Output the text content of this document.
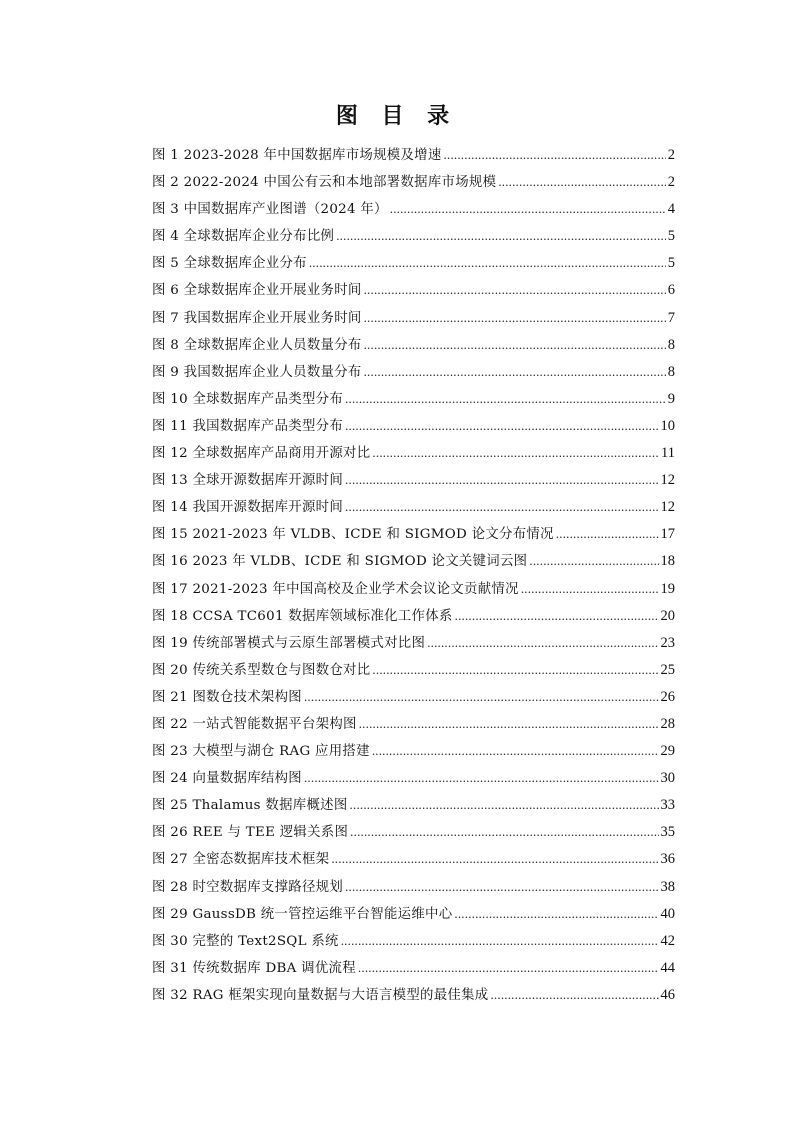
图 目 录
图 1 2023-2028 年中国数据库市场规模及增速 .....	2
图 2 2022-2024 中国公有云和本地部署数据库市场规模 .....	2
图 3 中国数据库产业图谱（2024 年） .....	4
图 4 全球数据库企业分布比例 .....	5
图 5 全球数据库企业分布 .....	5
图 6 全球数据库企业开展业务时间 .....	6
图 7 我国数据库企业开展业务时间 .....	7
图 8 全球数据库企业人员数量分布 .....	8
图 9 我国数据库企业人员数量分布 .....	8
图 10 全球数据库产品类型分布 .....	9
图 11 我国数据库产品类型分布 .....	10
图 12 全球数据库产品商用开源对比 .....	11
图 13 全球开源数据库开源时间 .....	12
图 14 我国开源数据库开源时间 .....	12
图 15 2021-2023 年 VLDB、ICDE 和 SIGMOD 论文分布情况 .....	17
图 16 2023 年 VLDB、ICDE 和 SIGMOD 论文关键词云图 .....	18
图 17 2021-2023 年中国高校及企业学术会议论文贡献情况 .....	19
图 18 CCSA TC601 数据库领域标准化工作体系 .....	20
图 19 传统部署模式与云原生部署模式对比图 .....	23
图 20 传统关系型数仓与图数仓对比 .....	25
图 21 图数仓技术架构图 .....	26
图 22 一站式智能数据平台架构图 .....	28
图 23 大模型与湖仓 RAG 应用搭建 .....	29
图 24 向量数据库结构图 .....	30
图 25 Thalamus 数据库概述图 .....	33
图 26 REE 与 TEE 逻辑关系图 .....	35
图 27 全密态数据库技术框架 .....	36
图 28 时空数据库支撑路径规划 .....	38
图 29 GaussDB 统一管控运维平台智能运维中心 .....	40
图 30 完整的 Text2SQL 系统 .....	42
图 31 传统数据库 DBA 调优流程 .....	44
图 32 RAG 框架实现向量数据与大语言模型的最佳集成 .....	46
